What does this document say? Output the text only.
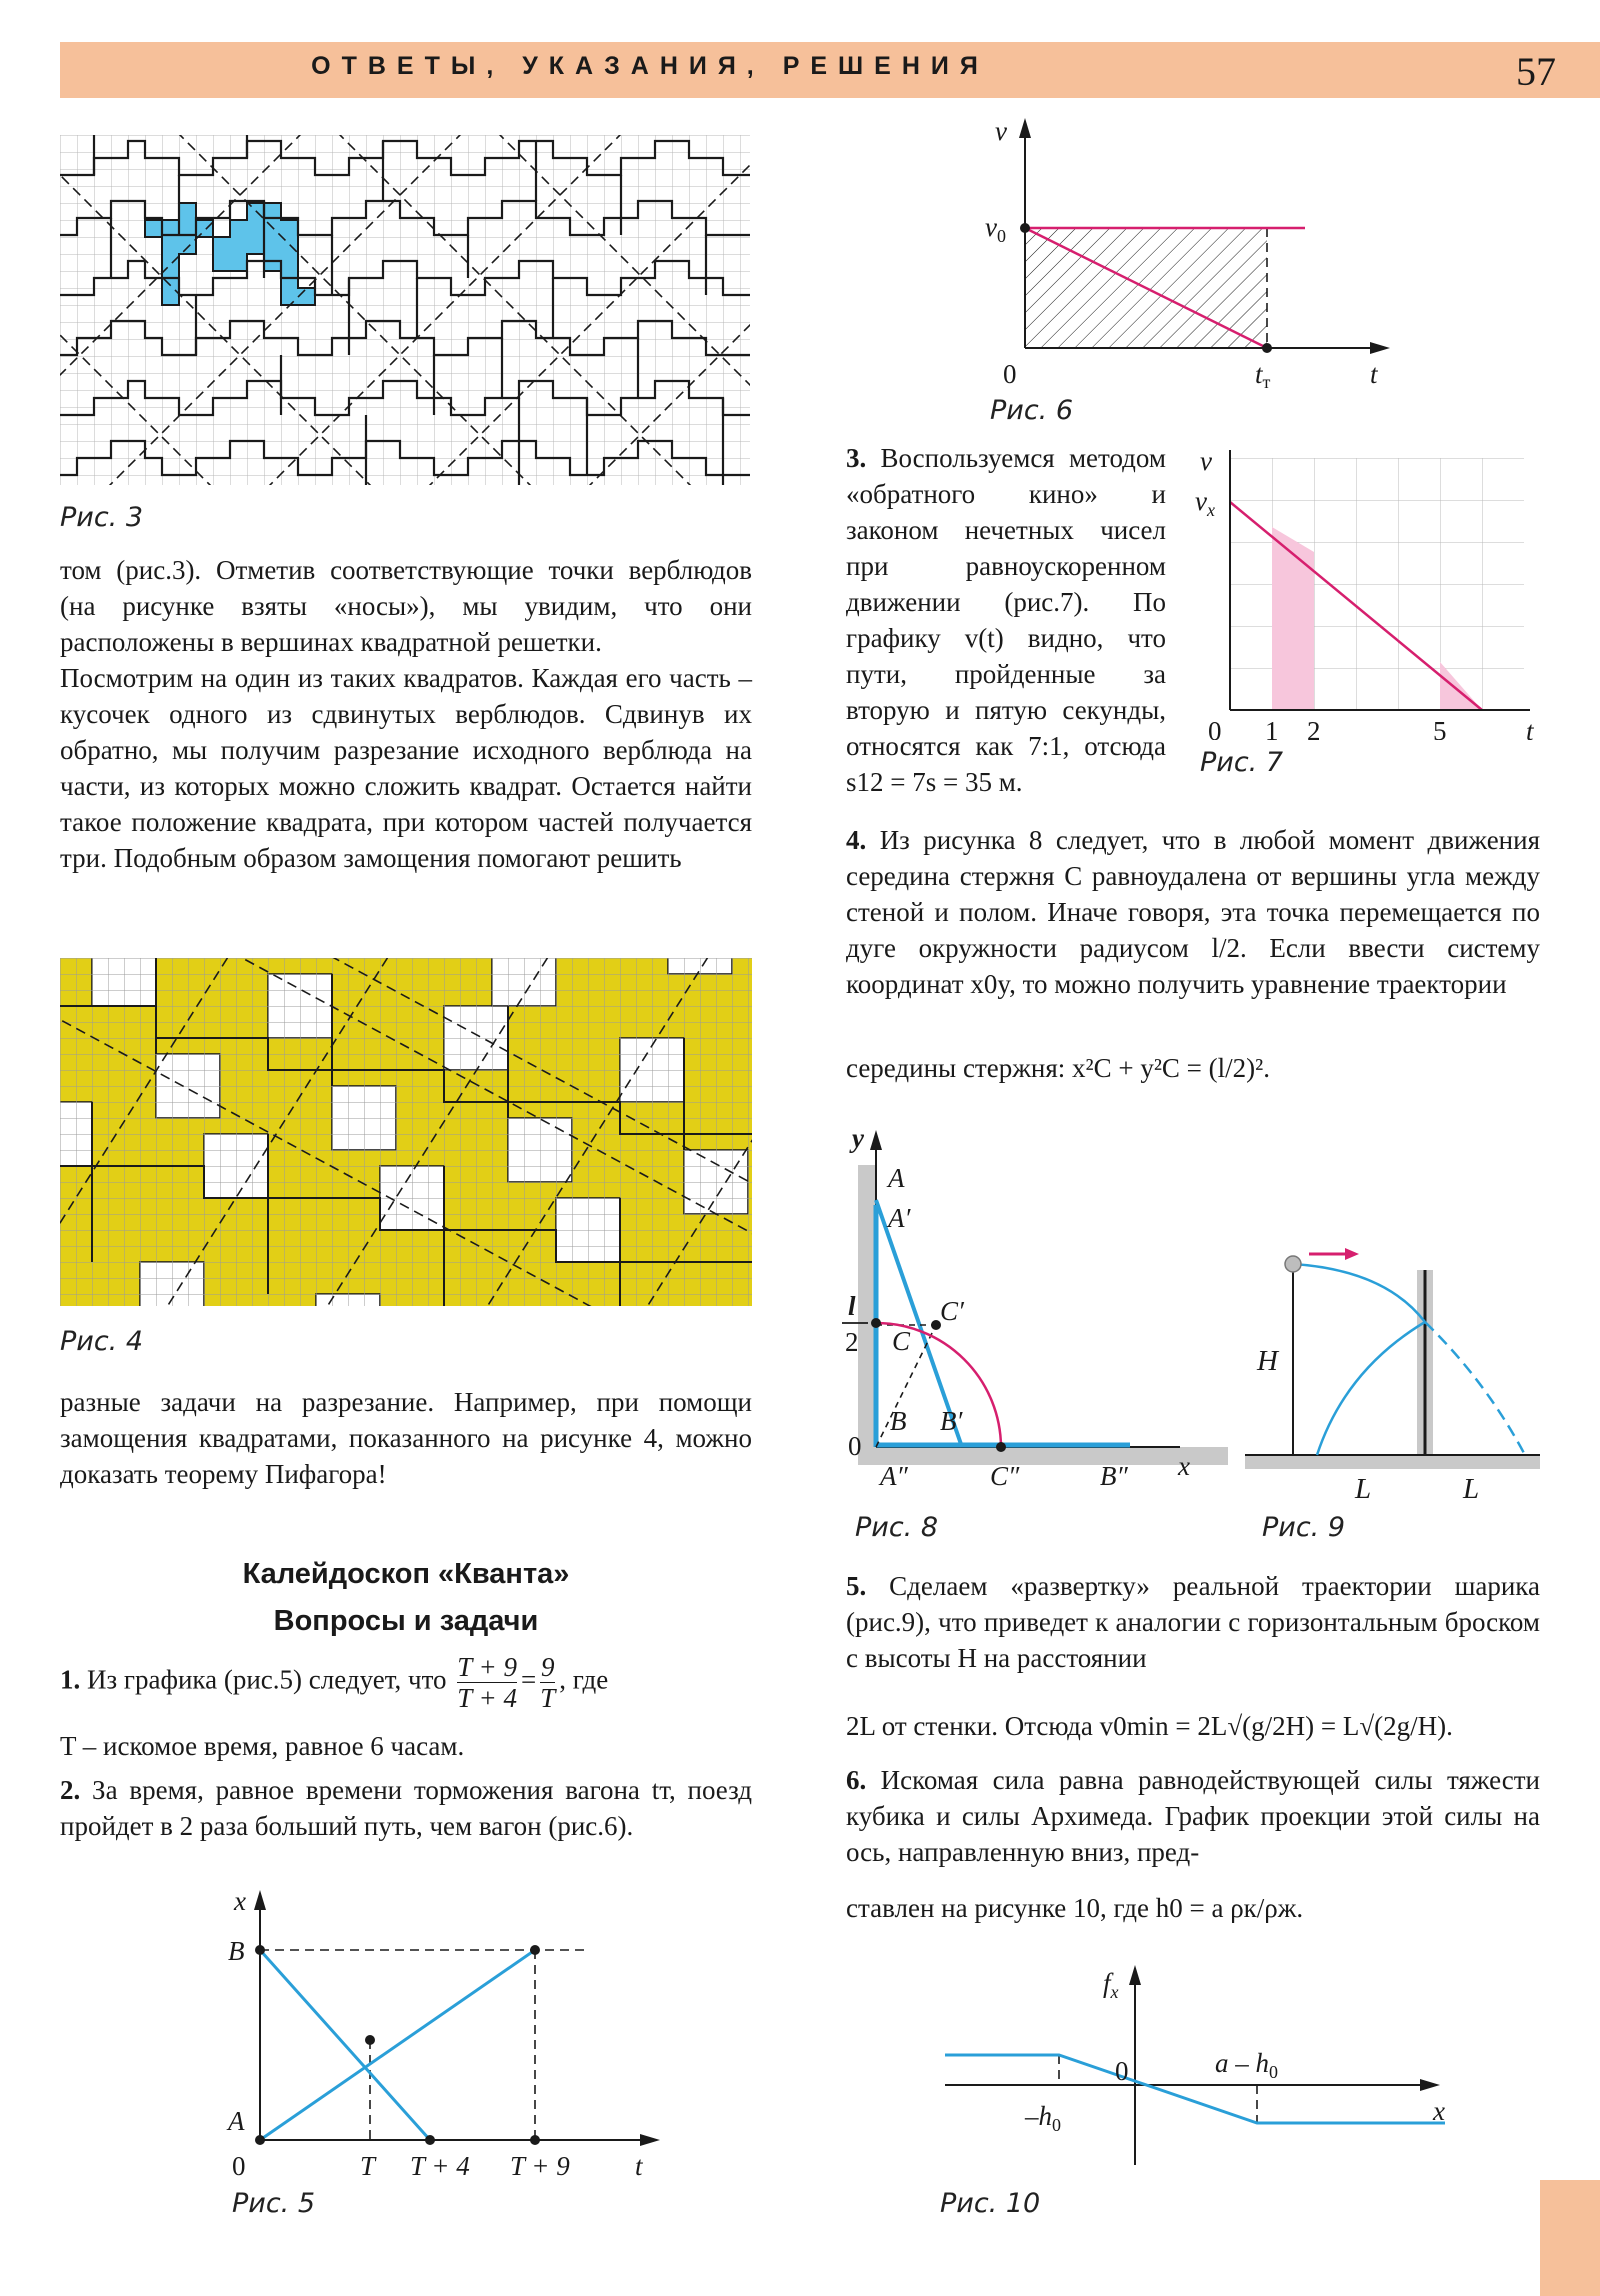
ОТВЕТЫ, УКАЗАНИЯ, РЕШЕНИЯ	57
Рис. 3

том (рис.3). Отметив соответствующие точки верблюдов (на рисунке взяты «носы»), мы увидим, что они расположены в вершинах квадратной решетки.

Посмотрим на один из таких квадратов. Каждая его часть – кусочек одного из сдвинутых верблюдов. Сдвинув их обратно, мы получим разрезание исходного верблюда на части, из которых можно сложить квадрат. Остается найти такое положение квадрата, при котором частей получается три. Подобным образом замощения помогают решить

Рис. 4

разные задачи на разрезание. Например, при помощи замощения квадратами, показанного на рисунке 4, можно доказать теорему Пифагора!

Калейдоскоп «Кванта»
Вопросы и задачи
1. Из графика (рис.5) следует, что $\frac{T + 9}{T + 4} = \frac{9}{T}$ , где
T – искомое время, равное 6 часам.
2. За время, равное времени торможения вагона tт, поезд пройдет в 2 раза больший путь, чем вагон (рис.6).
x
B
A
T T + 4 T + 9 t
0
Рис. 5
v
$v_0$
tт	t
0
Рис. 6
3. Воспользуемся методом «обратного кино» и законом нечетных чисел при равноускоренном движении (рис.7). По графику v(t) видно, что пути, пройденные за вторую и пятую секунды, относятся как 7:1, отсюда s12 = 7s = 35 м.
v
$v_x$
t
0 1 2	5
Рис. 7
4. Из рисунка 8 следует, что в любой момент движения середина стержня C равноудалена от вершины угла между стеной и полом. Иначе говоря, эта точка перемещается по дуге окружности радиусом l/2. Если ввести систему координат x0y, то можно получить уравнение траектории
середины стержня: x²C + y²C = (l/2)².
y
A
A′
C′
C
B B′
A″	C″	B″ x
l
2
0
Рис. 8
H
L	L
Рис. 9
5. Сделаем «развертку» реальной траектории шарика (рис.9), что приведет к аналогии с горизонтальным броском с высоты H на расстоянии
2L от стенки. Отсюда v0min = 2L√(g/2H) = L√(2g/H).
6. Искомая сила равна равнодействующей силы тяжести кубика и силы Архимеда. График проекции этой силы на ось, направленную вниз, пред-
ставлен на рисунке 10, где h0 = a ρк/ρж.
$f_x$
$-h_0$
a – $h_0$
x
0
Рис. 10
